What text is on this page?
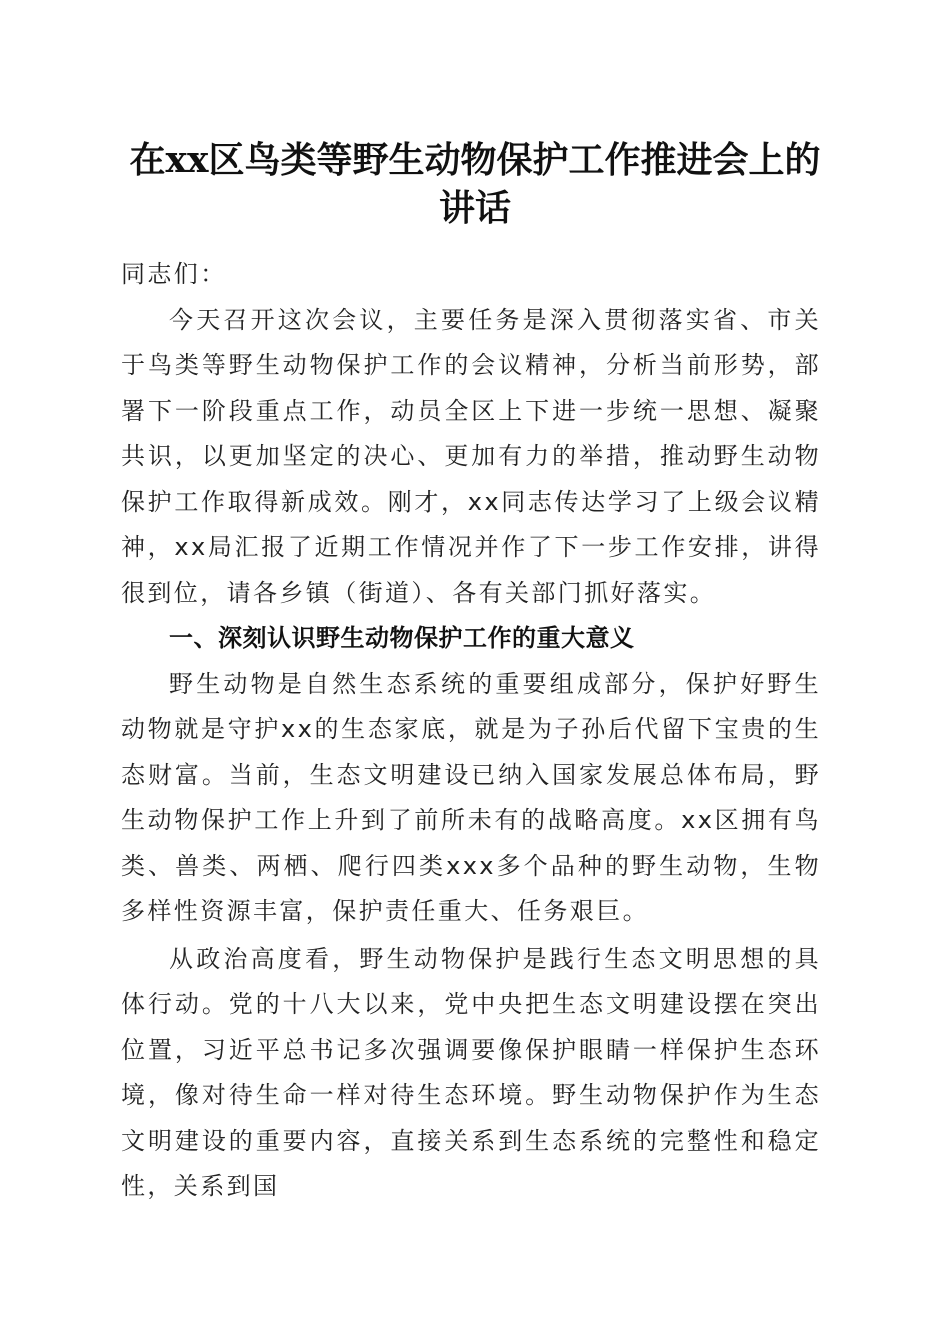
在xx区鸟类等野生动物保护工作推进会上的
讲话

同志们：

今天召开这次会议，主要任务是深入贯彻落实省、市关于鸟类等野生动物保护工作的会议精神，分析当前形势，部署下一阶段重点工作，动员全区上下进一步统一思想、凝聚共识，以更加坚定的决心、更加有力的举措，推动野生动物保护工作取得新成效。刚才，xx同志传达学习了上级会议精神，xx局汇报了近期工作情况并作了下一步工作安排，讲得很到位，请各乡镇（街道）、各有关部门抓好落实。

一、深刻认识野生动物保护工作的重大意义

野生动物是自然生态系统的重要组成部分，保护好野生动物就是守护xx的生态家底，就是为子孙后代留下宝贵的生态财富。当前，生态文明建设已纳入国家发展总体布局，野生动物保护工作上升到了前所未有的战略高度。xx区拥有鸟类、兽类、两栖、爬行四类xxx多个品种的野生动物，生物多样性资源丰富，保护责任重大、任务艰巨。

从政治高度看，野生动物保护是践行生态文明思想的具体行动。党的十八大以来，党中央把生态文明建设摆在突出位置，习近平总书记多次强调要像保护眼睛一样保护生态环境，像对待生命一样对待生态环境。野生动物保护作为生态文明建设的重要内容，直接关系到生态系统的完整性和稳定性，关系到国
